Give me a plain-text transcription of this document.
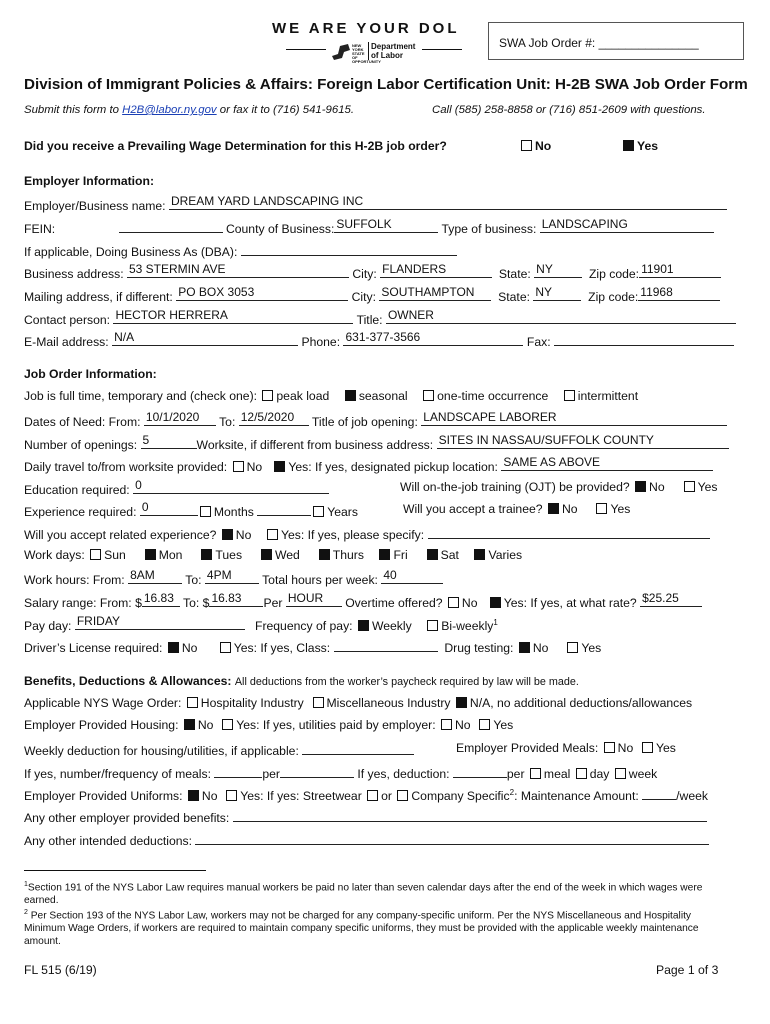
WE ARE YOUR DOL
NEW YORK STATE OF OPPORTUNITY
Department
of Labor
SWA Job Order #: _______________
Division of Immigrant Policies & Affairs: Foreign Labor Certification Unit: H-2B SWA Job Order Form
Submit this form to H2B@labor.ny.gov or fax it to (716) 541-9615.	Call (585) 258-8858 or (716) 851-2609 with questions.
Did you receive a Prevailing Wage Determination for this H-2B job order?	No	Yes
Employer Information:
Employer/Business name: DREAM YARD LANDSCAPING INC
FEIN:	County of Business: SUFFOLK	Type of business: LANDSCAPING
If applicable, Doing Business As (DBA):
Business address: 53 STERMIN AVE	City: FLANDERS	State: NY	Zip code: 11901
Mailing address, if different: PO BOX 3053	City: SOUTHAMPTON State: NY	Zip code: 11968
Contact person: HECTOR HERRERA	Title: OWNER
E-Mail address: N/A	Phone: 631-377-3566	Fax:
Job Order Information:
Job is full time, temporary and (check one): peak load seasonal one-time occurrence intermittent
Dates of Need: From: 10/1/2020 To: 12/5/2020 Title of job opening: LANDSCAPE LABORER
Number of openings: 5	Worksite, if different from business address: SITES IN NASSAU/SUFFOLK COUNTY
Daily travel to/from worksite provided: No Yes: If yes, designated pickup location: SAME AS ABOVE
Education required: 0	Will on-the-job training (OJT) be provided? No	Yes
Experience required: 0	Months	Years	Will you accept a trainee? No	Yes
Will you accept related experience? No Yes: If yes, please specify:
Work days: Sun	Mon	Tues	Wed	Thurs Fri	Sat Varies
Work hours: From: 8AM To: 4PM Total hours per week: 40
Salary range: From: $ 16.83 To: $ 16.83 Per HOUR Overtime offered? No Yes: If yes, at what rate? $25.25
Pay day: FRIDAY	Frequency of pay: Weekly Bi-weekly$^1$
Driver’s License required: No	Yes: If yes, Class:	Drug testing: No	Yes
Benefits, Deductions & Allowances: All deductions from the worker’s paycheck required by law will be made.
Applicable NYS Wage Order: Hospitality Industry Miscellaneous Industry N/A, no additional deductions/allowances
Employer Provided Housing: No Yes: If yes, utilities paid by employer: No Yes
Weekly deduction for housing/utilities, if applicable:	Employer Provided Meals: No Yes
If yes, number/frequency of meals:	per	If yes, deduction:	per meal day week
Employer Provided Uniforms: No Yes: If yes: Streetwear or Company Specific$^2$: Maintenance Amount:	/week
Any other employer provided benefits:
Any other intended deductions:
$^1$Section 191 of the NYS Labor Law requires manual workers be paid no later than seven calendar days after the end of the week in which wages were earned.
$^2$ Per Section 193 of the NYS Labor Law, workers may not be charged for any company-specific uniform. Per the NYS Miscellaneous and Hospitality Minimum Wage Orders, if workers are required to maintain company specific uniforms, they must be provided with the applicable weekly maintenance amount.
FL 515 (6/19)	Page 1 of 3
